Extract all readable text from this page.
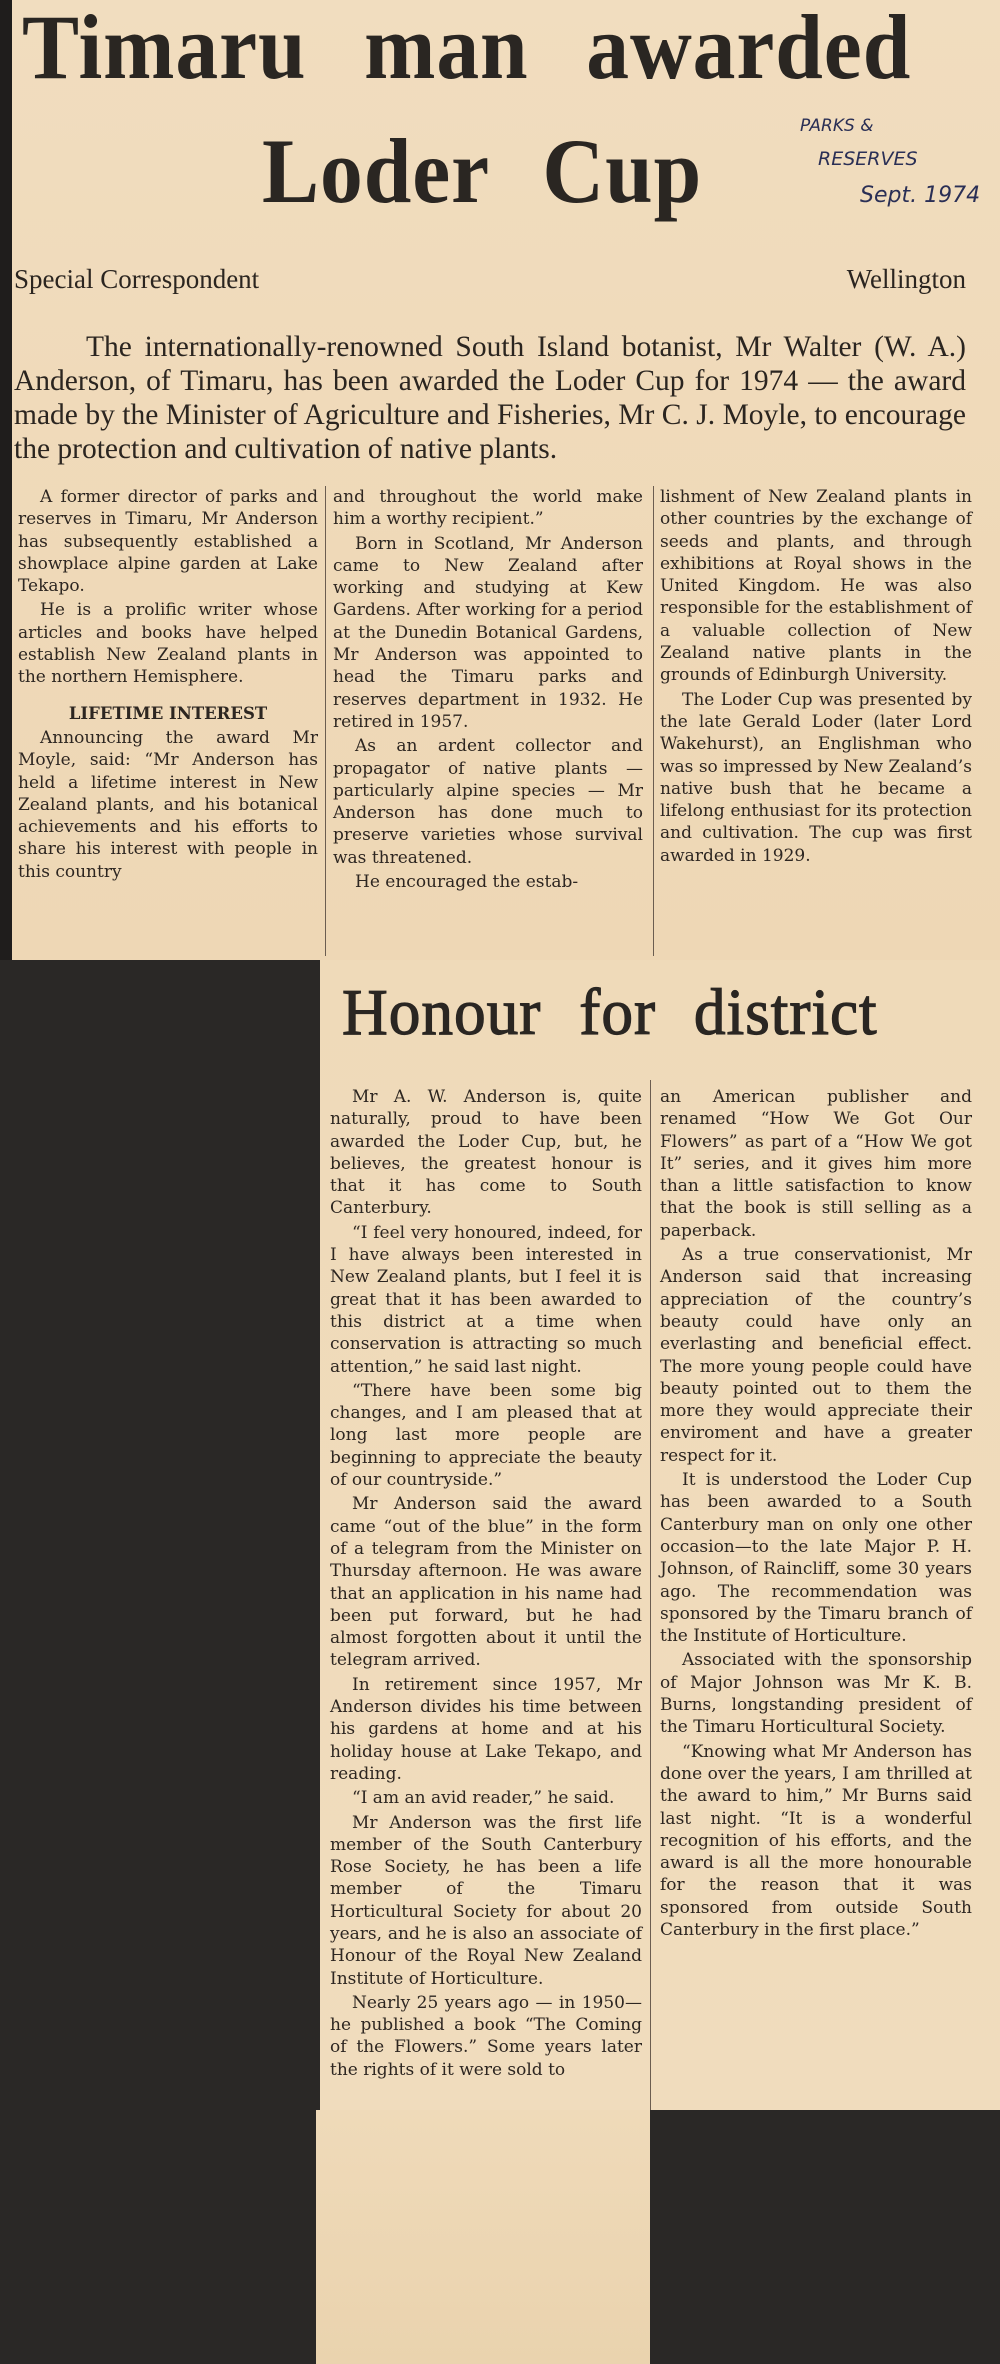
Timaru man awarded
Loder Cup	PARKS &
RESERVES
Sept. 1974
Special Correspondent	Wellington

The internationally-renowned South Island botanist, Mr Walter (W. A.) Anderson, of Timaru, has been awarded the Loder Cup for 1974 — the award made by the Minister of Agriculture and Fisheries, Mr C. J. Moyle, to encourage the protection and cultivation of native plants.

A former director of parks and reserves in Timaru, Mr Anderson has subsequently established a showplace alpine garden at Lake Tekapo.

He is a prolific writer whose articles and books have helped establish New Zealand plants in the northern Hemisphere.

LIFETIME INTEREST

Announcing the award Mr Moyle, said: “Mr Anderson has held a lifetime interest in New Zealand plants, and his botanical achievements and his efforts to share his interest with people in this country

and throughout the world make him a worthy recipient.”

Born in Scotland, Mr Anderson came to New Zealand after working and studying at Kew Gardens. After working for a period at the Dunedin Botanical Gardens, Mr Anderson was appointed to head the Timaru parks and reserves department in 1932. He retired in 1957.

As an ardent collector and propagator of native plants — particularly alpine species — Mr Anderson has done much to preserve varieties whose survival was threatened.

He encouraged the estab-

lishment of New Zealand plants in other countries by the exchange of seeds and plants, and through exhibitions at Royal shows in the United Kingdom. He was also responsible for the establishment of a valuable collection of New Zealand native plants in the grounds of Edinburgh University.

The Loder Cup was presented by the late Gerald Loder (later Lord Wakehurst), an Englishman who was so impressed by New Zealand’s native bush that he became a lifelong enthusiast for its protection and cultivation. The cup was first awarded in 1929.

Honour for district

Mr A. W. Anderson is, quite naturally, proud to have been awarded the Loder Cup, but, he believes, the greatest honour is that it has come to South Canterbury.

“I feel very honoured, indeed, for I have always been interested in New Zealand plants, but I feel it is great that it has been awarded to this district at a time when conservation is attracting so much attention,” he said last night.

“There have been some big changes, and I am pleased that at long last more people are beginning to appreciate the beauty of our countryside.”

Mr Anderson said the award came “out of the blue” in the form of a telegram from the Minister on Thursday afternoon. He was aware that an application in his name had been put forward, but he had almost forgotten about it until the telegram arrived.

In retirement since 1957, Mr Anderson divides his time between his gardens at home and at his holiday house at Lake Tekapo, and reading.

“I am an avid reader,” he said.

Mr Anderson was the first life member of the South Canterbury Rose Society, he has been a life member of the Timaru Horticultural Society for about 20 years, and he is also an associate of Honour of the Royal New Zealand Institute of Horticulture.

Nearly 25 years ago — in 1950—he published a book “The Coming of the Flowers.” Some years later the rights of it were sold to

an American publisher and renamed “How We Got Our Flowers” as part of a “How We got It” series, and it gives him more than a little satisfaction to know that the book is still selling as a paperback.

As a true conservationist, Mr Anderson said that increasing appreciation of the country’s beauty could have only an everlasting and beneficial effect. The more young people could have beauty pointed out to them the more they would appreciate their enviroment and have a greater respect for it.

It is understood the Loder Cup has been awarded to a South Canterbury man on only one other occasion—to the late Major P. H. Johnson, of Raincliff, some 30 years ago. The recommendation was sponsored by the Timaru branch of the Institute of Horticulture.

Associated with the sponsorship of Major Johnson was Mr K. B. Burns, longstanding president of the Timaru Horticultural Society.

“Knowing what Mr Anderson has done over the years, I am thrilled at the award to him,” Mr Burns said last night. “It is a wonderful recognition of his efforts, and the award is all the more honourable for the reason that it was sponsored from outside South Canterbury in the first place.”
